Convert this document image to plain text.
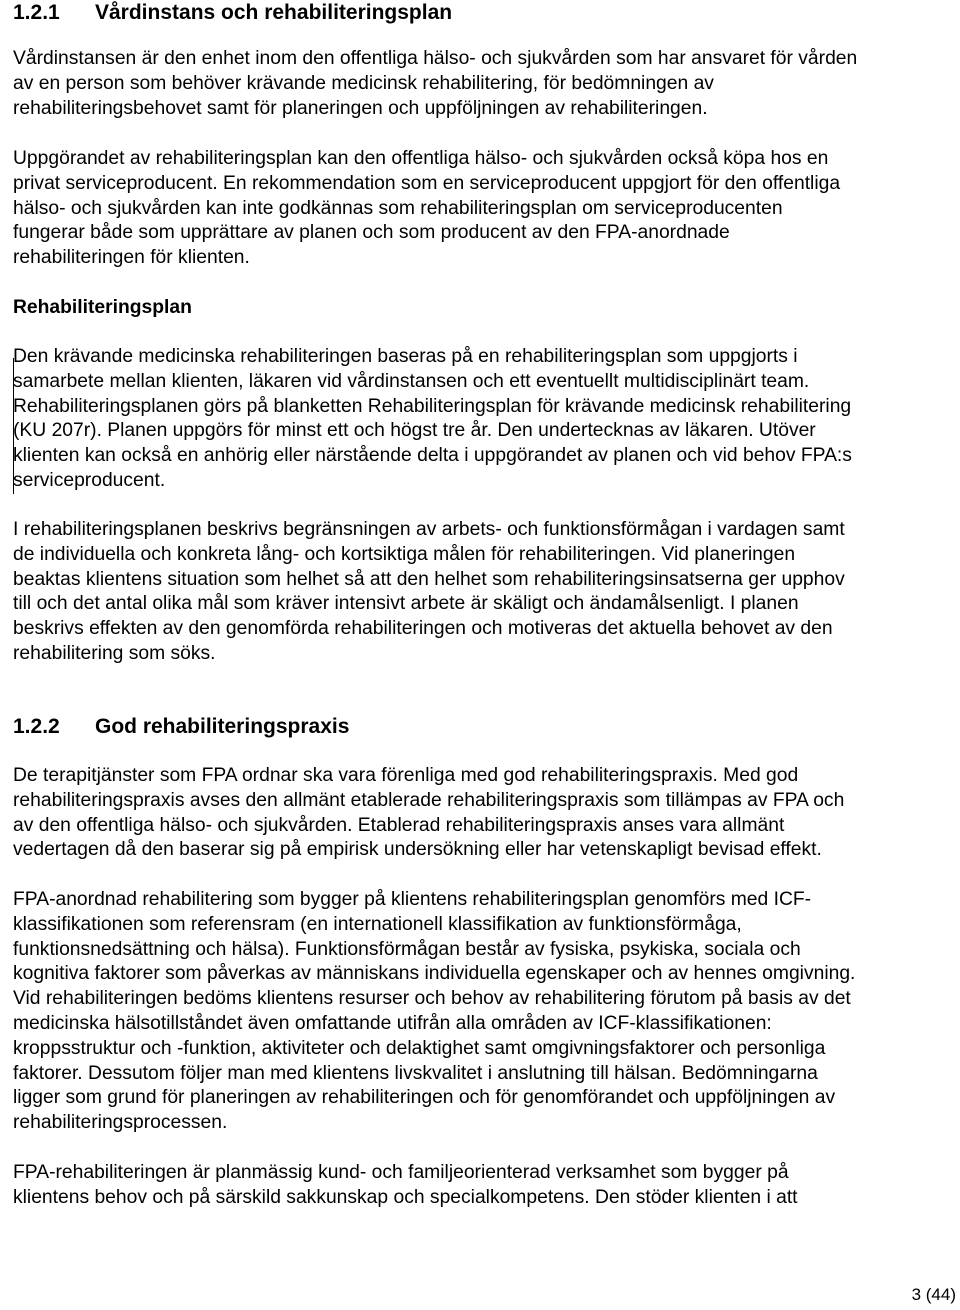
1.2.1	Vårdinstans och rehabiliteringsplan

Vårdinstansen är den enhet inom den offentliga hälso- och sjukvården som har ansvaret för vården
av en person som behöver krävande medicinsk rehabilitering, för bedömningen av
rehabiliteringsbehovet samt för planeringen och uppföljningen av rehabiliteringen.

Uppgörandet av rehabiliteringsplan kan den offentliga hälso- och sjukvården också köpa hos en
privat serviceproducent. En rekommendation som en serviceproducent uppgjort för den offentliga
hälso- och sjukvården kan inte godkännas som rehabiliteringsplan om serviceproducenten
fungerar både som upprättare av planen och som producent av den FPA-anordnade
rehabiliteringen för klienten.

Rehabiliteringsplan

Den krävande medicinska rehabiliteringen baseras på en rehabiliteringsplan som uppgjorts i
samarbete mellan klienten, läkaren vid vårdinstansen och ett eventuellt multidisciplinärt team.
Rehabiliteringsplanen görs på blanketten Rehabiliteringsplan för krävande medicinsk rehabilitering
(KU 207r). Planen uppgörs för minst ett och högst tre år. Den undertecknas av läkaren. Utöver
klienten kan också en anhörig eller närstående delta i uppgörandet av planen och vid behov FPA:s
serviceproducent.

I rehabiliteringsplanen beskrivs begränsningen av arbets- och funktionsförmågan i vardagen samt
de individuella och konkreta lång- och kortsiktiga målen för rehabiliteringen. Vid planeringen
beaktas klientens situation som helhet så att den helhet som rehabiliteringsinsatserna ger upphov
till och det antal olika mål som kräver intensivt arbete är skäligt och ändamålsenligt. I planen
beskrivs effekten av den genomförda rehabiliteringen och motiveras det aktuella behovet av den
rehabilitering som söks.

1.2.2	God rehabiliteringspraxis

De terapitjänster som FPA ordnar ska vara förenliga med god rehabiliteringspraxis. Med god
rehabiliteringspraxis avses den allmänt etablerade rehabiliteringspraxis som tillämpas av FPA och
av den offentliga hälso- och sjukvården. Etablerad rehabiliteringspraxis anses vara allmänt
vedertagen då den baserar sig på empirisk undersökning eller har vetenskapligt bevisad effekt.

FPA-anordnad rehabilitering som bygger på klientens rehabiliteringsplan genomförs med ICF-
klassifikationen som referensram (en internationell klassifikation av funktionsförmåga,
funktionsnedsättning och hälsa). Funktionsförmågan består av fysiska, psykiska, sociala och
kognitiva faktorer som påverkas av människans individuella egenskaper och av hennes omgivning.
Vid rehabiliteringen bedöms klientens resurser och behov av rehabilitering förutom på basis av det
medicinska hälsotillståndet även omfattande utifrån alla områden av ICF-klassifikationen:
kroppsstruktur och -funktion, aktiviteter och delaktighet samt omgivningsfaktorer och personliga
faktorer. Dessutom följer man med klientens livskvalitet i anslutning till hälsan. Bedömningarna
ligger som grund för planeringen av rehabiliteringen och för genomförandet och uppföljningen av
rehabiliteringsprocessen.

FPA-rehabiliteringen är planmässig kund- och familjeorienterad verksamhet som bygger på
klientens behov och på särskild sakkunskap och specialkompetens. Den stöder klienten i att

3 (44)
